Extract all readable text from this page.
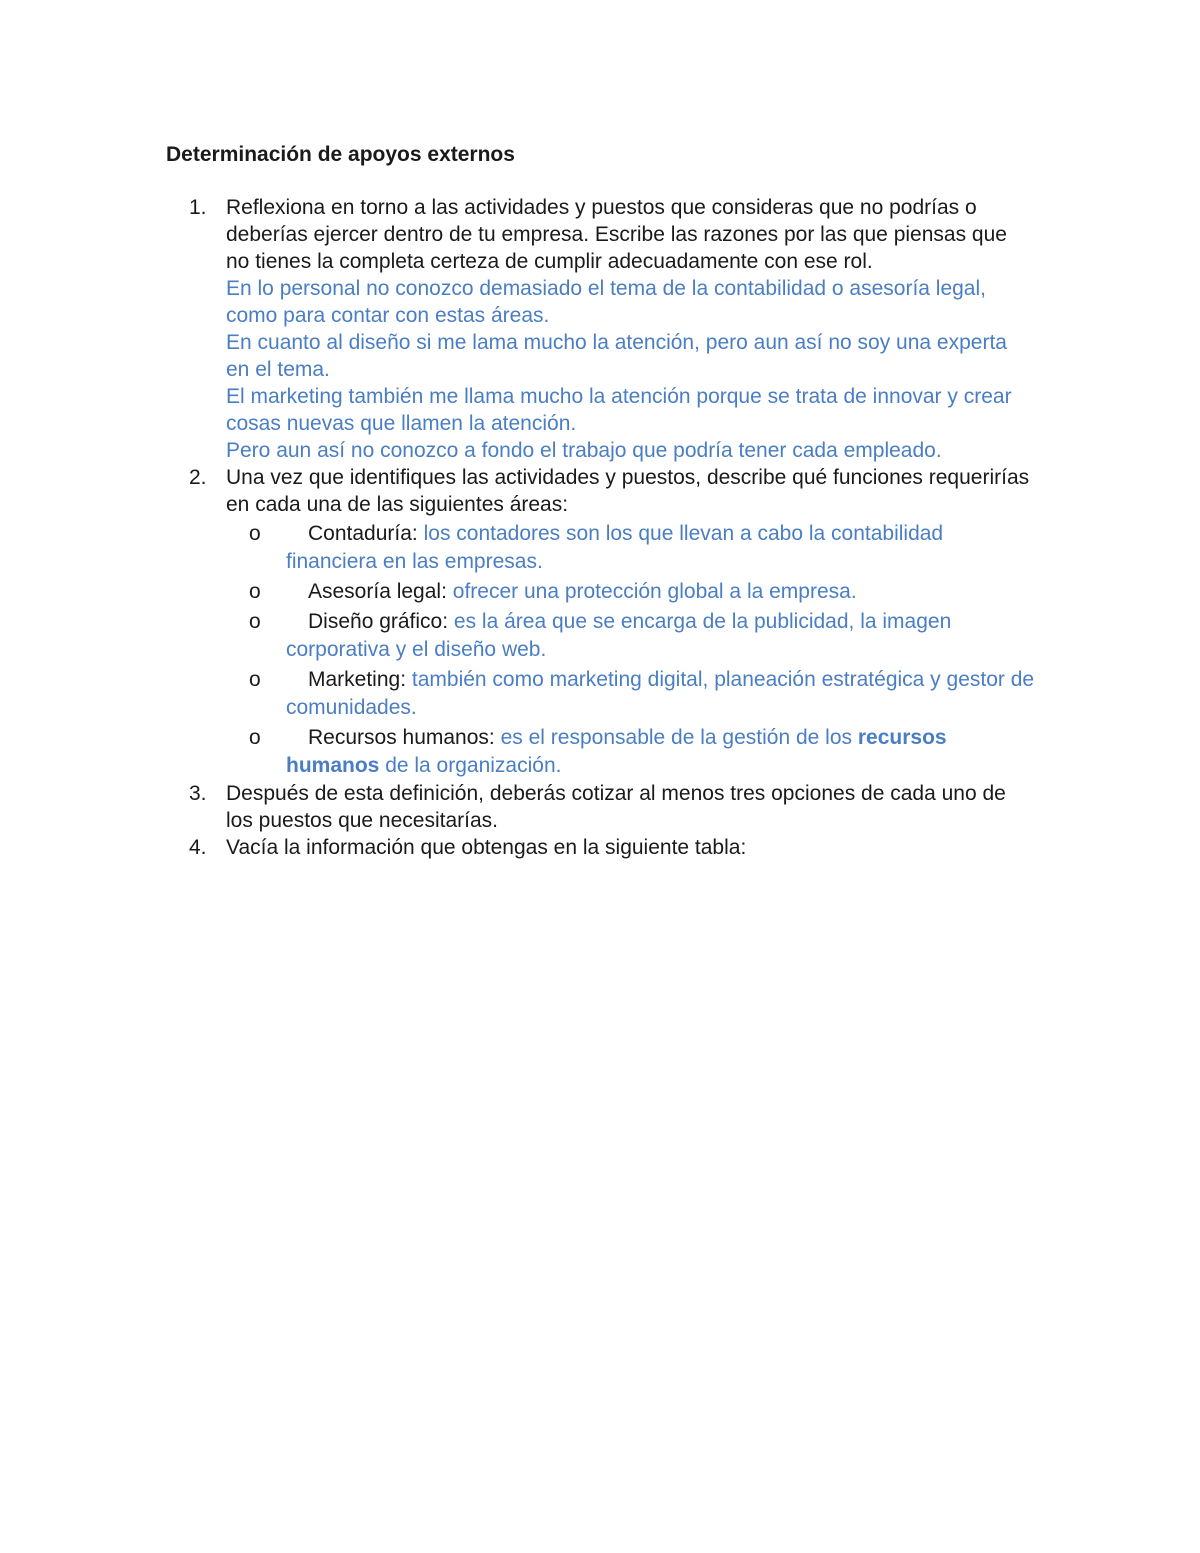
Determinación de apoyos externos
1. Reflexiona en torno a las actividades y puestos que consideras que no podrías o deberías ejercer dentro de tu empresa. Escribe las razones por las que piensas que no tienes la completa certeza de cumplir adecuadamente con ese rol.
En lo personal no conozco demasiado el tema de la contabilidad o asesoría legal, como para contar con estas áreas.
En cuanto al diseño si me lama mucho la atención, pero aun así no soy una experta en el tema.
El marketing también me llama mucho la atención porque se trata de innovar y crear cosas nuevas que llamen la atención.
Pero aun así no conozco a fondo el trabajo que podría tener cada empleado.
2. Una vez que identifiques las actividades y puestos, describe qué funciones requerirías en cada una de las siguientes áreas:
o Contaduría: los contadores son los que llevan a cabo la contabilidad financiera en las empresas.
o Asesoría legal: ofrecer una protección global a la empresa.
o Diseño gráfico: es la área que se encarga de la publicidad, la imagen corporativa y el diseño web.
o Marketing: también como marketing digital, planeación estratégica y gestor de comunidades.
o Recursos humanos: es el responsable de la gestión de los recursos humanos de la organización.
3. Después de esta definición, deberás cotizar al menos tres opciones de cada uno de los puestos que necesitarías.
4. Vacía la información que obtengas en la siguiente tabla:
